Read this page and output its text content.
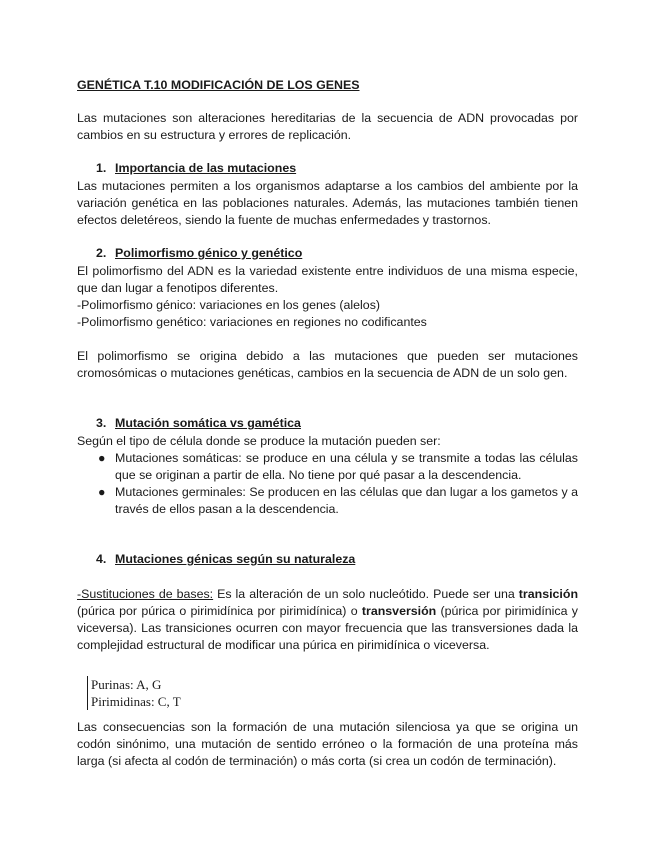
GENÉTICA T.10 MODIFICACIÓN DE LOS GENES

Las mutaciones son alteraciones hereditarias de la secuencia de ADN provocadas por cambios en su estructura y errores de replicación.

1. Importancia de las mutaciones

Las mutaciones permiten a los organismos adaptarse a los cambios del ambiente por la variación genética en las poblaciones naturales. Además, las mutaciones también tienen efectos deletéreos, siendo la fuente de muchas enfermedades y trastornos.

2. Polimorfismo génico y genético

El polimorfismo del ADN es la variedad existente entre individuos de una misma especie, que dan lugar a fenotipos diferentes.

-Polimorfismo génico: variaciones en los genes (alelos)

-Polimorfismo genético: variaciones en regiones no codificantes

El polimorfismo se origina debido a las mutaciones que pueden ser mutaciones cromosómicas o mutaciones genéticas, cambios en la secuencia de ADN de un solo gen.

3. Mutación somática vs gamética

Según el tipo de célula donde se produce la mutación pueden ser:

● Mutaciones somáticas: se produce en una célula y se transmite a todas las células que se originan a partir de ella. No tiene por qué pasar a la descendencia.
● Mutaciones germinales: Se producen en las células que dan lugar a los gametos y a través de ellos pasan a la descendencia.
4. Mutaciones génicas según su naturaleza

-Sustituciones de bases: Es la alteración de un solo nucleótido. Puede ser una transición (púrica por púrica o pirimidínica por pirimidínica) o transversión (púrica por pirimidínica y viceversa). Las transiciones ocurren con mayor frecuencia que las transversiones dada la complejidad estructural de modificar una púrica en pirimidínica o viceversa.

Purinas: A, G
Pirimidinas: C, T

Las consecuencias son la formación de una mutación silenciosa ya que se origina un codón sinónimo, una mutación de sentido erróneo o la formación de una proteína más larga (si afecta al codón de terminación) o más corta (si crea un codón de terminación).
